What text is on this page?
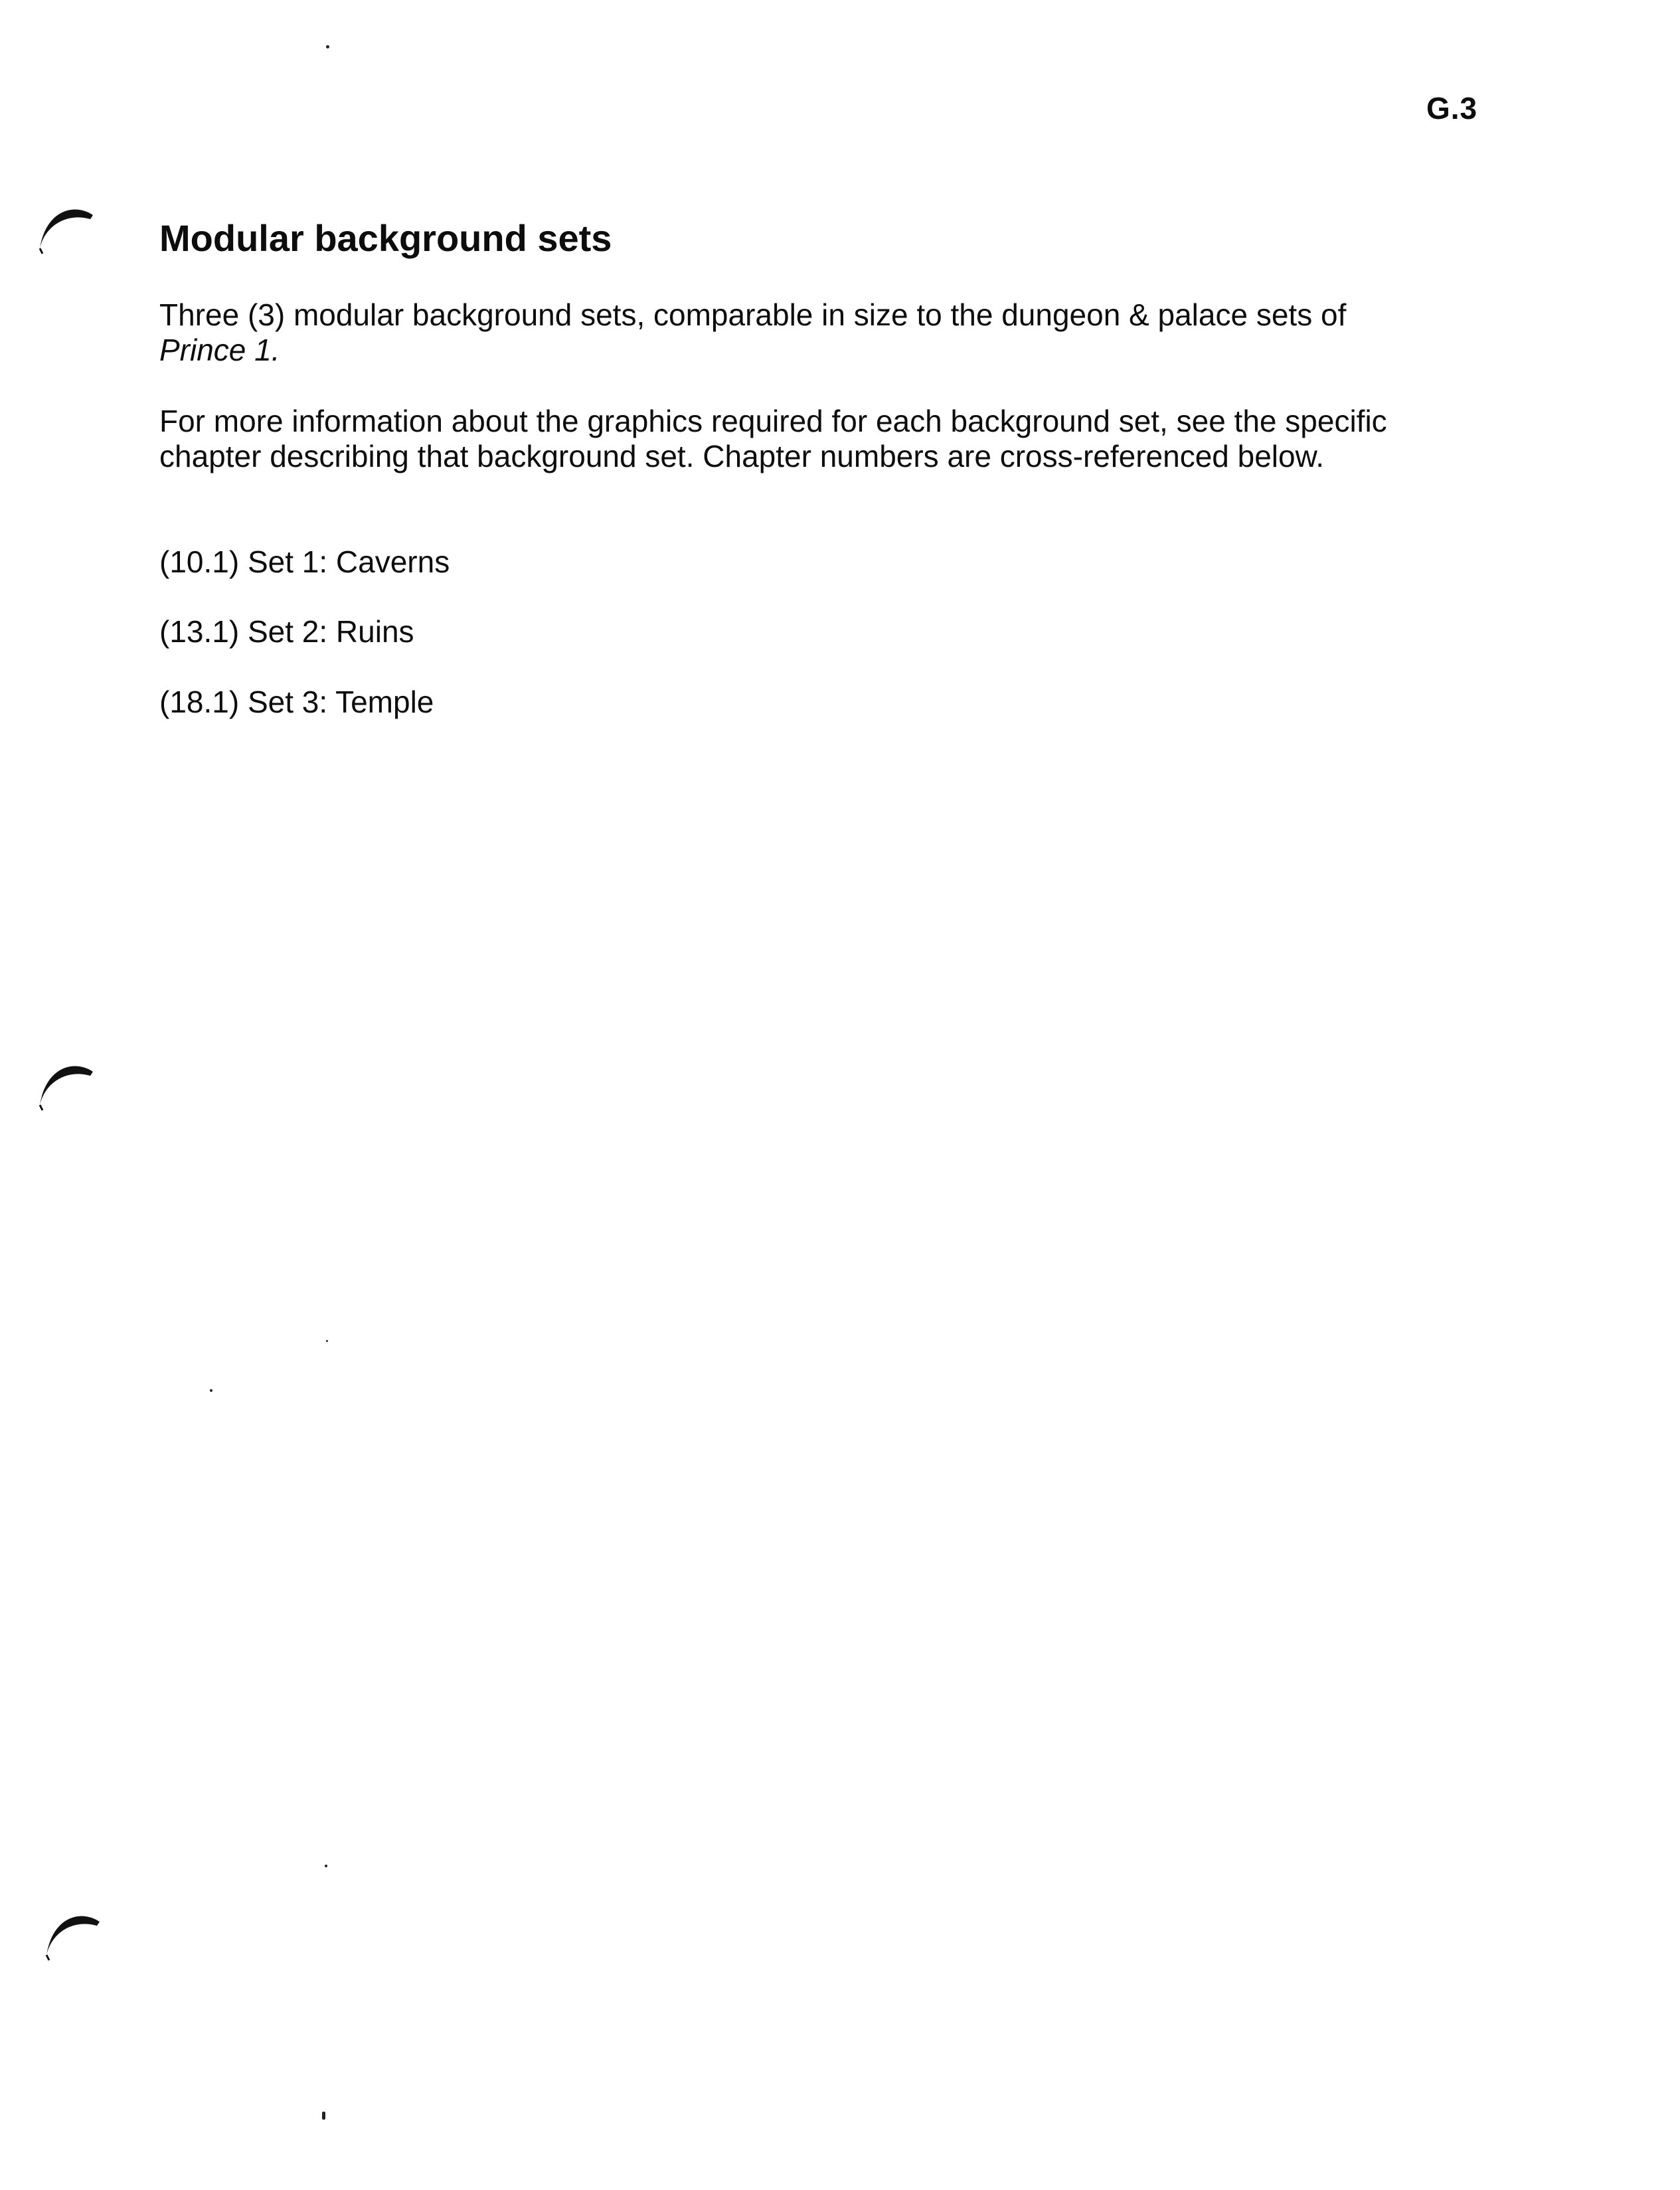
G.3
Modular background sets

Three (3) modular background sets, comparable in size to the dungeon & palace sets of
Prince 1.

For more information about the graphics required for each background set, see the specific chapter describing that background set. Chapter numbers are cross-referenced below.

(10.1) Set 1: Caverns

(13.1) Set 2: Ruins

(18.1) Set 3: Temple
